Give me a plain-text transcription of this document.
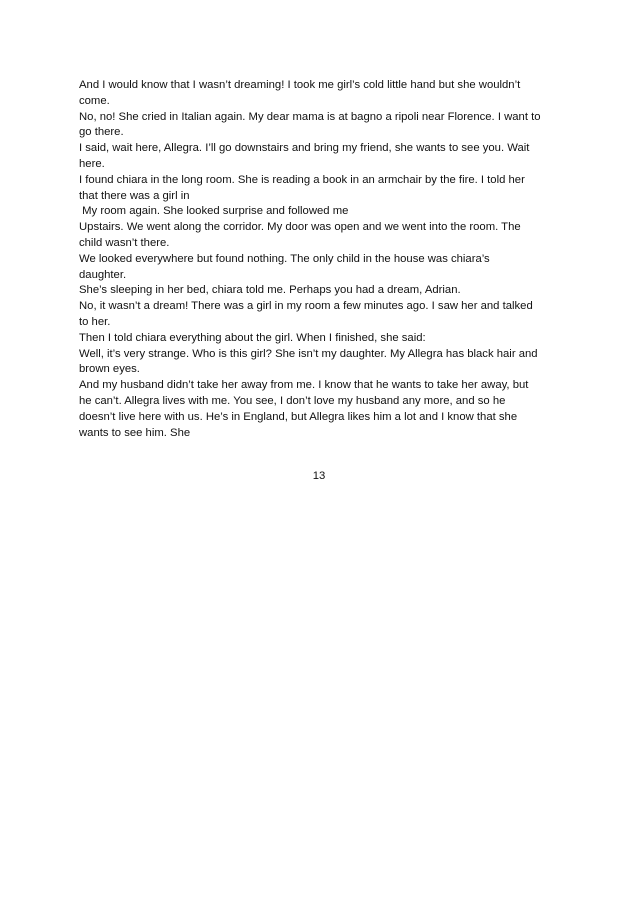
And I would know that I wasn’t dreaming! I took me girl’s cold little hand but she wouldn’t
come.
No, no! She cried in Italian again. My dear mama is at bagno a ripoli near Florence. I want to
go there.
I said, wait here, Allegra. I’ll go downstairs and bring my friend, she wants to see you. Wait
here.
I found chiara in the long room. She is reading a book in an armchair by the fire. I told her
that there was a girl in
My room again. She looked surprise and followed me
Upstairs. We went along the corridor. My door was open and we went into the room. The
child wasn’t there.
We looked everywhere but found nothing. The only child in the house was chiara’s
daughter.
She’s sleeping in her bed, chiara told me. Perhaps you had a dream, Adrian.
No, it wasn’t a dream! There was a girl in my room a few minutes ago. I saw her and talked
to her.
Then I told chiara everything about the girl. When I finished, she said:
Well, it’s very strange. Who is this girl? She isn’t my daughter. My Allegra has black hair and
brown eyes.
And my husband didn’t take her away from me. I know that he wants to take her away, but
he can’t. Allegra lives with me. You see, I don’t love my husband any more, and so he
doesn’t live here with us. He’s in England, but Allegra likes him a lot and I know that she
wants to see him. She
13
